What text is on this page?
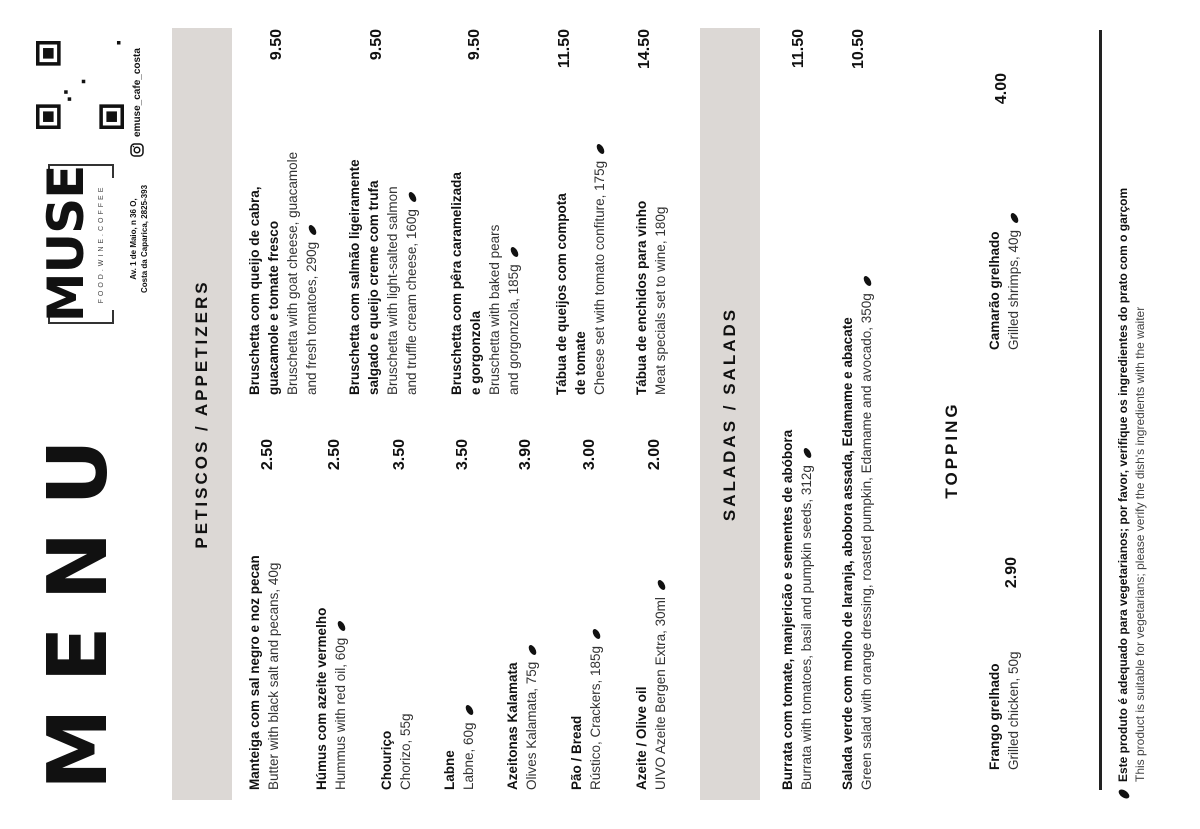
MENU
MUSE FOOD.WINE.COFFEE	Av. 1 de Maio, n 36 O, Costa da Caparica, 2825-393
emuse_cafe_costa
PETISCOS / APPETIZERS
Manteiga com sal negro e noz pecan Butter with black salt and pecans, 40g
2.50
Húmus com azeite vermelho Hummus with red oil, 60g
2.50
Chouriço Chorizo, 55g
3.50
Labne Labne, 60g
3.50
Azeitonas Kalamata Olives Kalamata, 75g
3.90
Pão / Bread Rústico, Crackers, 185g
3.00
Azeite / Olive oil UIVO Azeite Bergen Extra, 30ml
2.00
Bruschetta com queijo de cabra, guacamole e tomate fresco Bruschetta with goat cheese, guacamole and fresh tomatoes, 290g
9.50
Bruschetta com salmão ligeiramente salgado e queijo creme com trufa Bruschetta with light-salted salmon and truffle cream cheese, 160g
9.50
Bruschetta com pêra caramelizada e gorgonzola Bruschetta with baked pears and gorgonzola, 185g
9.50
Tábua de queijos com compota de tomate Cheese set with tomato confiture, 175g
11.50
Tábua de enchidos para vinho Meat specials set to wine, 180g
14.50
SALADAS / SALADS
Burrata com tomate, manjericão e sementes de abóbora Burrata with tomatoes, basil and pumpkin seeds, 312g
11.50
Salada verde com molho de laranja, abobora assada, Edamame e abacate Green salad with orange dressing, roasted pumpkin, Edamame and avocado, 350g
10.50
TOPPING
Frango grelhado Grilled chicken, 50g
2.90
Camarão grelhado Grilled shrimps, 40g
4.00
Este produto é adequado para vegetarianos; por favor, verifique os ingredientes do prato com o garçom This product is suitable for vegetarians; please verify the dish's ingredients with the waiter
